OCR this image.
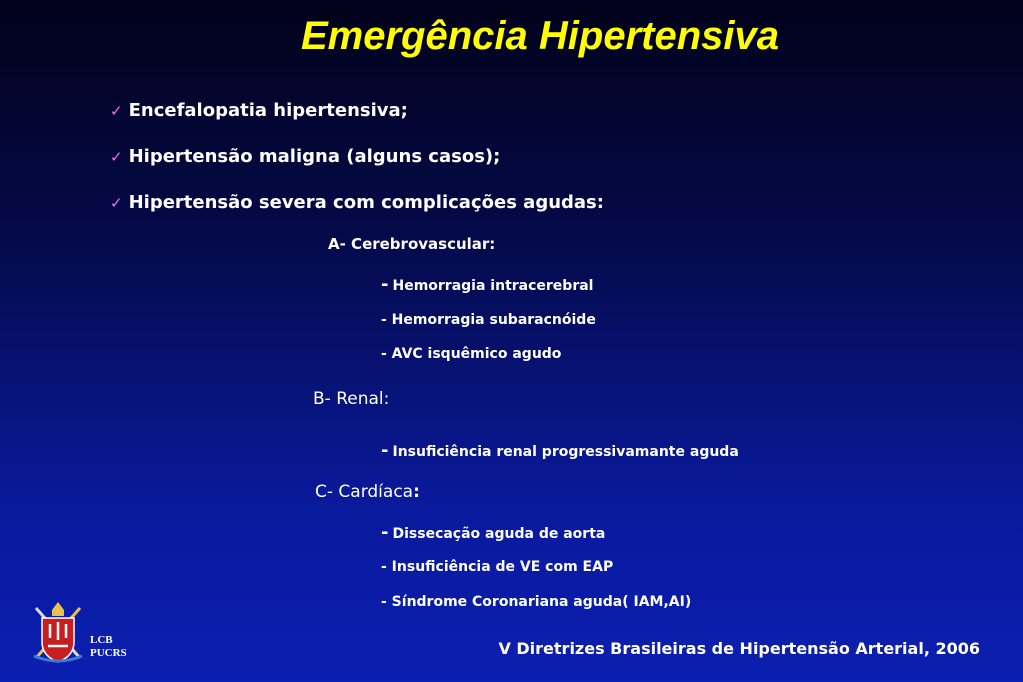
Emergência Hipertensiva
✓ Encefalopatia hipertensiva;
✓ Hipertensão maligna (alguns casos);
✓ Hipertensão severa com complicações agudas:
A- Cerebrovascular:
- Hemorragia intracerebral
- Hemorragia subaracnóide
- AVC isquêmico agudo
B- Renal:
- Insuficiência renal progressivamante aguda
C- Cardíaca:
- Dissecação aguda de aorta
- Insuficiência de VE com EAP
- Síndrome Coronariana aguda( IAM,AI)
LCB
PUCRS	V Diretrizes Brasileiras de Hipertensão Arterial, 2006
